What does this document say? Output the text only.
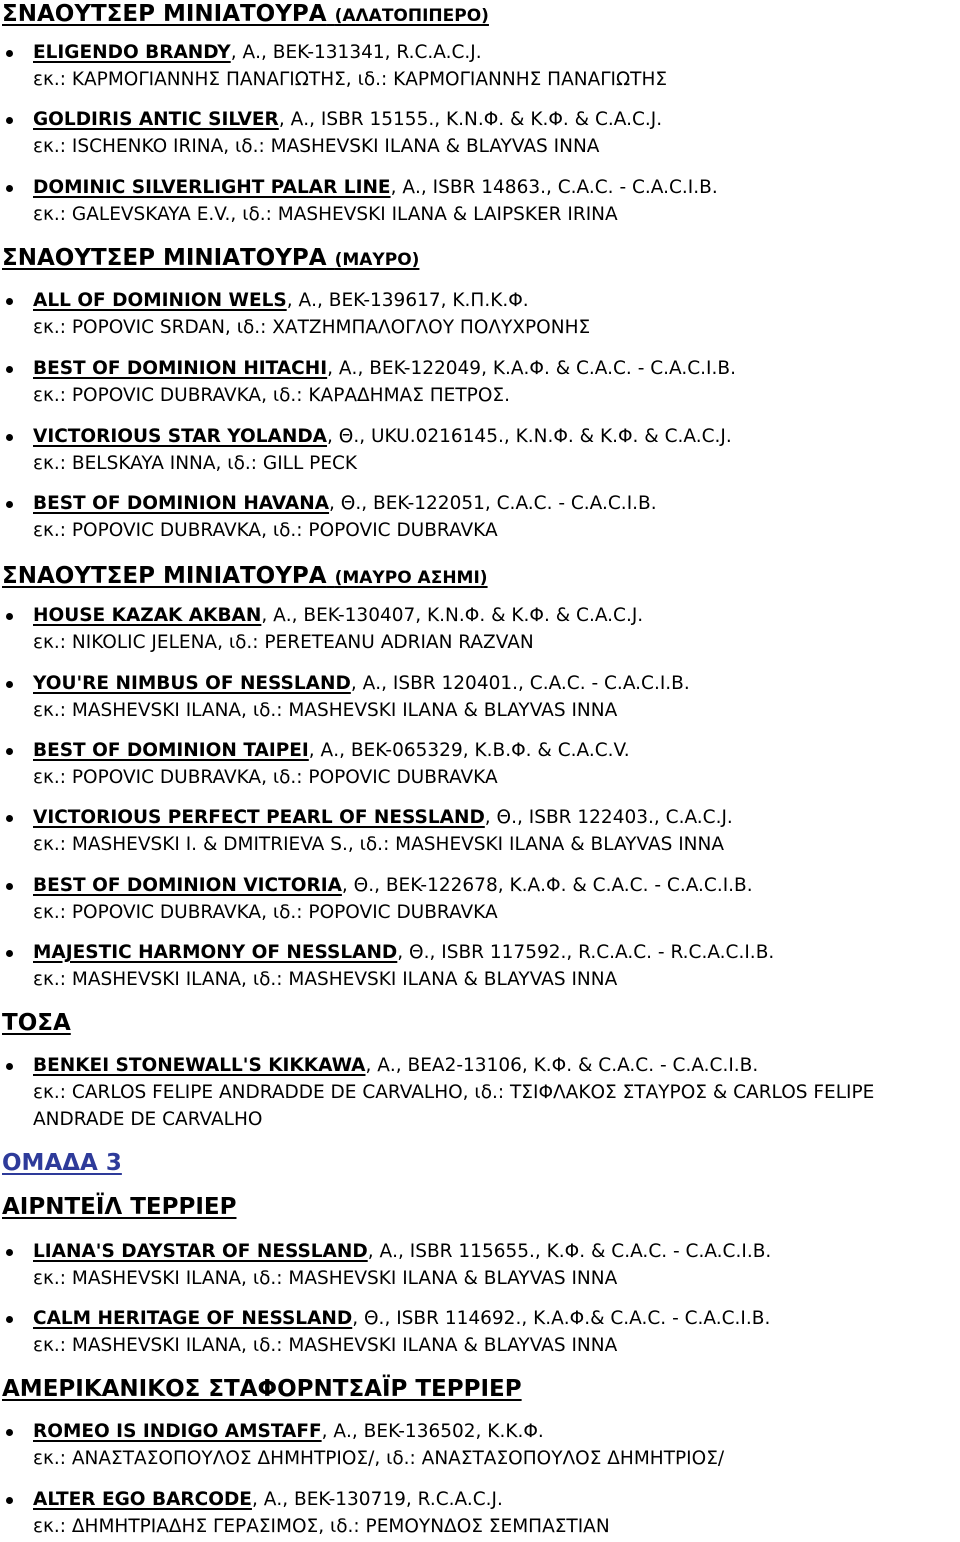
ΣΝΑΟΥΤΣΕΡ ΜΙΝΙΑΤΟΥΡΑ (ΑΛΑΤΟΠΙΠΕΡΟ)
ELIGENDO BRANDY, Α., BEK-131341, R.C.A.C.J.
εκ.: ΚΑΡΜΟΓΙΑΝΝΗΣ ΠΑΝΑΓΙΩΤΗΣ, ιδ.: ΚΑΡΜΟΓΙΑΝΝΗΣ ΠΑΝΑΓΙΩΤΗΣ
GOLDIRIS ANTIC SILVER, Α., ISBR 15155., Κ.Ν.Φ. & Κ.Φ. & C.A.C.J.
εκ.: ISCHENKO IRINA, ιδ.: MASHEVSKI ILANA & BLAYVAS INNA
DOMINIC SILVERLIGHT PALAR LINE, Α., ISBR 14863., C.A.C. - C.A.C.I.B.
εκ.: GALEVSKAYA E.V., ιδ.: MASHEVSKI ILANA & LAIPSKER IRINA
ΣΝΑΟΥΤΣΕΡ ΜΙΝΙΑΤΟΥΡΑ (ΜΑΥΡΟ)
ALL OF DOMINION WELS, Α., BEK-139617, Κ.Π.Κ.Φ.
εκ.: POPOVIC SRDAN, ιδ.: ΧΑΤΖΗΜΠΑΛΟΓΛΟΥ ΠΟΛΥΧΡΟΝΗΣ
BEST OF DOMINION HITACHI, Α., BEK-122049, Κ.Α.Φ. & C.A.C. - C.A.C.I.B.
εκ.: POPOVIC DUBRAVKA, ιδ.: ΚΑΡΑΔΗΜΑΣ ΠΕΤΡΟΣ.
VICTORIOUS STAR YOLANDA, Θ., UKU.0216145., Κ.Ν.Φ. & Κ.Φ. & C.A.C.J.
εκ.: BELSKAYA INNA, ιδ.: GILL PECK
BEST OF DOMINION HAVANA, Θ., BEK-122051, C.A.C. - C.A.C.I.B.
εκ.: POPOVIC DUBRAVKA, ιδ.: POPOVIC DUBRAVKA
ΣΝΑΟΥΤΣΕΡ ΜΙΝΙΑΤΟΥΡΑ (ΜΑΥΡΟ ΑΣΗΜΙ)
HOUSE KAZAK AKBAN, Α., BEK-130407, Κ.Ν.Φ. & Κ.Φ. & C.A.C.J.
εκ.: NIKOLIC JELENA, ιδ.: PERETEANU ADRIAN RAZVAN
YOU'RE NIMBUS OF NESSLAND, Α., ISBR 120401., C.A.C. - C.A.C.I.B.
εκ.: MASHEVSKI ILANA, ιδ.: MASHEVSKI ILANA & BLAYVAS INNA
BEST OF DOMINION TAIPEI, Α., BEK-065329, Κ.Β.Φ. & C.A.C.V.
εκ.: POPOVIC DUBRAVKA, ιδ.: POPOVIC DUBRAVKA
VICTORIOUS PERFECT PEARL OF NESSLAND, Θ., ISBR 122403., C.A.C.J.
εκ.: MASHEVSKI I. & DMITRIEVA S., ιδ.: MASHEVSKI ILANA & BLAYVAS INNA
BEST OF DOMINION VICTORIA, Θ., BEK-122678, Κ.Α.Φ. & C.A.C. - C.A.C.I.B.
εκ.: POPOVIC DUBRAVKA, ιδ.: POPOVIC DUBRAVKA
MAJESTIC HARMONY OF NESSLAND, Θ., ISBR 117592., R.C.A.C. - R.C.A.C.I.B.
εκ.: MASHEVSKI ILANA, ιδ.: MASHEVSKI ILANA & BLAYVAS INNA
ΤΟΣΑ
BENKEI STONEWALL'S KIKKAWA, Α., BEA2-13106, Κ.Φ. & C.A.C. - C.A.C.I.B.
εκ.: CARLOS FELIPE ANDRADDE DE CARVALHO, ιδ.: ΤΣΙΦΛΑΚΟΣ ΣΤΑΥΡΟΣ & CARLOS FELIPE
ANDRADE DE CARVALHO
ΟΜΑΔΑ 3
ΑΙΡΝΤΕΪΛ ΤΕΡΡΙΕΡ
LIANA'S DAYSTAR OF NESSLAND, Α., ISBR 115655., Κ.Φ. & C.A.C. - C.A.C.I.B.
εκ.: MASHEVSKI ILANA, ιδ.: MASHEVSKI ILANA & BLAYVAS INNA
CALM HERITAGE OF NESSLAND, Θ., ISBR 114692., Κ.Α.Φ.& C.A.C. - C.A.C.I.B.
εκ.: MASHEVSKI ILANA, ιδ.: MASHEVSKI ILANA & BLAYVAS INNA
ΑΜΕΡΙΚΑΝΙΚΟΣ ΣΤΑΦΟΡΝΤΣΑΪΡ ΤΕΡΡΙΕΡ
ROMEO IS INDIGO AMSTAFF, Α., BEK-136502, Κ.Κ.Φ.
εκ.: ΑΝΑΣΤΑΣΟΠΟΥΛΟΣ ΔΗΜΗΤΡΙΟΣ/, ιδ.: ΑΝΑΣΤΑΣΟΠΟΥΛΟΣ ΔΗΜΗΤΡΙΟΣ/
ALTER EGO BARCODE, Α., BEK-130719, R.C.A.C.J.
εκ.: ΔΗΜΗΤΡΙΑΔΗΣ ΓΕΡΑΣΙΜΟΣ, ιδ.: ΡΕΜΟΥΝΔΟΣ ΣΕΜΠΑΣΤΙΑΝ
